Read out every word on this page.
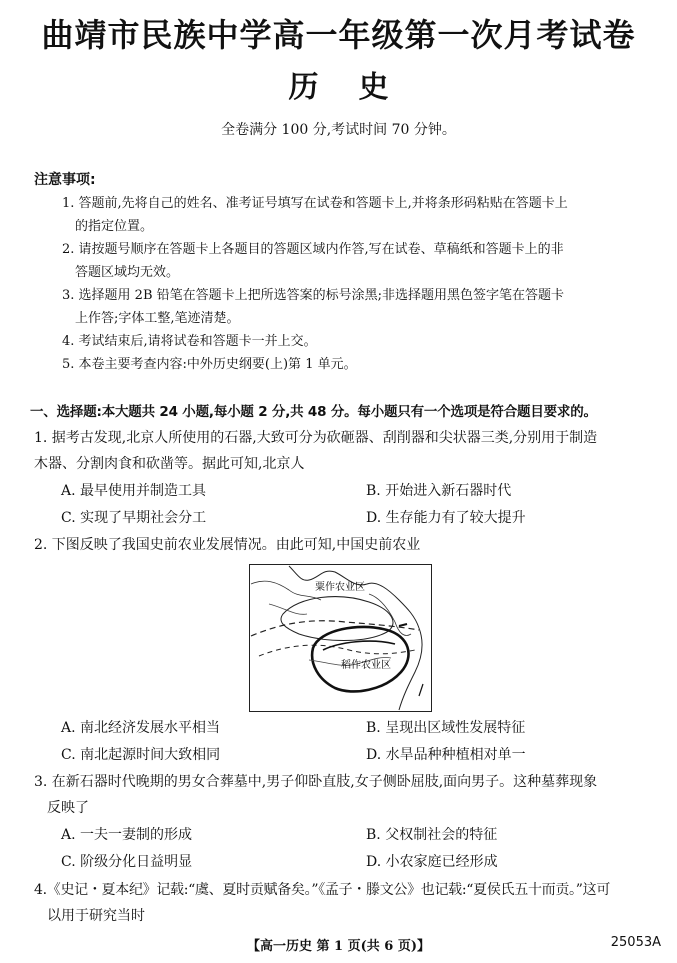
曲靖市民族中学高一年级第一次月考试卷
历史
全卷满分 100 分,考试时间 70 分钟。
注意事项:
1. 答题前,先将自己的姓名、准考证号填写在试卷和答题卡上,并将条形码粘贴在答题卡上
的指定位置。
2. 请按题号顺序在答题卡上各题目的答题区域内作答,写在试卷、草稿纸和答题卡上的非
答题区域均无效。
3. 选择题用 2B 铅笔在答题卡上把所选答案的标号涂黑;非选择题用黑色签字笔在答题卡
上作答;字体工整,笔迹清楚。
4. 考试结束后,请将试卷和答题卡一并上交。
5. 本卷主要考查内容:中外历史纲要(上)第 1 单元。
一、选择题:本大题共 24 小题,每小题 2 分,共 48 分。每小题只有一个选项是符合题目要求的。
1. 据考古发现,北京人所使用的石器,大致可分为砍砸器、刮削器和尖状器三类,分别用于制造
木器、分割肉食和砍凿等。据此可知,北京人
A. 最早使用并制造工具	B. 开始进入新石器时代
C. 实现了早期社会分工	D. 生存能力有了较大提升
2. 下图反映了我国史前农业发展情况。由此可知,中国史前农业
粟作农业区
稻作农业区
A. 南北经济发展水平相当	B. 呈现出区域性发展特征
C. 南北起源时间大致相同	D. 水旱品种种植相对单一
3. 在新石器时代晚期的男女合葬墓中,男子仰卧直肢,女子侧卧屈肢,面向男子。这种墓葬现象
反映了
A. 一夫一妻制的形成	B. 父权制社会的特征
C. 阶级分化日益明显	D. 小农家庭已经形成
4.《史记・夏本纪》记载:“虞、夏时贡赋备矣。”《孟子・滕文公》也记载:“夏侯氏五十而贡。”这可
以用于研究当时
【高一历史 第 1 页(共 6 页)】	25053A
